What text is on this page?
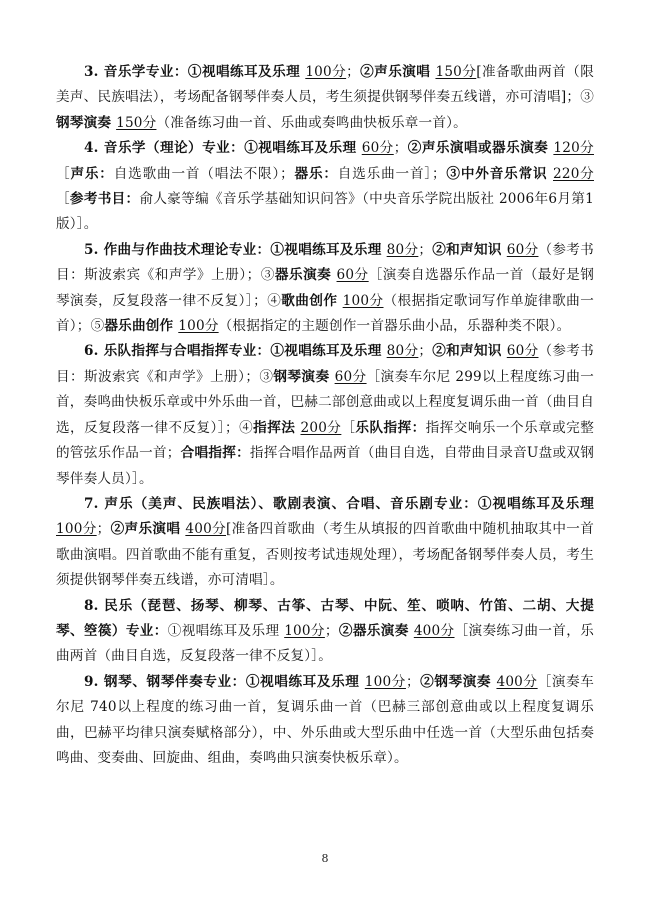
3. 音乐学专业：①视唱练耳及乐理 100分；②声乐演唱 150分[准备歌曲两首（限美声、民族唱法），考场配备钢琴伴奏人员，考生须提供钢琴伴奏五线谱，亦可清唱]；③钢琴演奏 150分（准备练习曲一首、乐曲或奏鸣曲快板乐章一首）。

4. 音乐学（理论）专业：①视唱练耳及乐理 60分；②声乐演唱或器乐演奏 120分［声乐：自选歌曲一首（唱法不限）；器乐：自选乐曲一首］；③中外音乐常识 220分［参考书目：俞人豪等编《音乐学基础知识问答》（中央音乐学院出版社 2006年6月第1版）］。

5. 作曲与作曲技术理论专业：①视唱练耳及乐理 80分；②和声知识 60分（参考书目：斯波索宾《和声学》上册）；③器乐演奏 60分［演奏自选器乐作品一首（最好是钢琴演奏，反复段落一律不反复）］；④歌曲创作 100分（根据指定歌词写作单旋律歌曲一首）；⑤器乐曲创作 100分（根据指定的主题创作一首器乐曲小品，乐器种类不限）。

6. 乐队指挥与合唱指挥专业：①视唱练耳及乐理 80分；②和声知识 60分（参考书目：斯波索宾《和声学》上册）；③钢琴演奏 60分［演奏车尔尼 299以上程度练习曲一首，奏鸣曲快板乐章或中外乐曲一首，巴赫二部创意曲或以上程度复调乐曲一首（曲目自选，反复段落一律不反复）］；④指挥法 200分［乐队指挥：指挥交响乐一个乐章或完整的管弦乐作品一首；合唱指挥：指挥合唱作品两首（曲目自选，自带曲目录音U盘或双钢琴伴奏人员）］。

7. 声乐（美声、民族唱法）、歌剧表演、合唱、音乐剧专业：①视唱练耳及乐理 100分；②声乐演唱 400分[准备四首歌曲（考生从填报的四首歌曲中随机抽取其中一首歌曲演唱。四首歌曲不能有重复，否则按考试违规处理），考场配备钢琴伴奏人员，考生须提供钢琴伴奏五线谱，亦可清唱］。

8. 民乐（琵琶、扬琴、柳琴、古筝、古琴、中阮、笙、唢呐、竹笛、二胡、大提琴、箜篌）专业：①视唱练耳及乐理 100分；②器乐演奏 400分［演奏练习曲一首，乐曲两首（曲目自选，反复段落一律不反复）］。

9. 钢琴、钢琴伴奏专业：①视唱练耳及乐理 100分；②钢琴演奏 400分［演奏车尔尼 740以上程度的练习曲一首，复调乐曲一首（巴赫三部创意曲或以上程度复调乐曲，巴赫平均律只演奏赋格部分），中、外乐曲或大型乐曲中任选一首（大型乐曲包括奏鸣曲、变奏曲、回旋曲、组曲，奏鸣曲只演奏快板乐章）。

8
